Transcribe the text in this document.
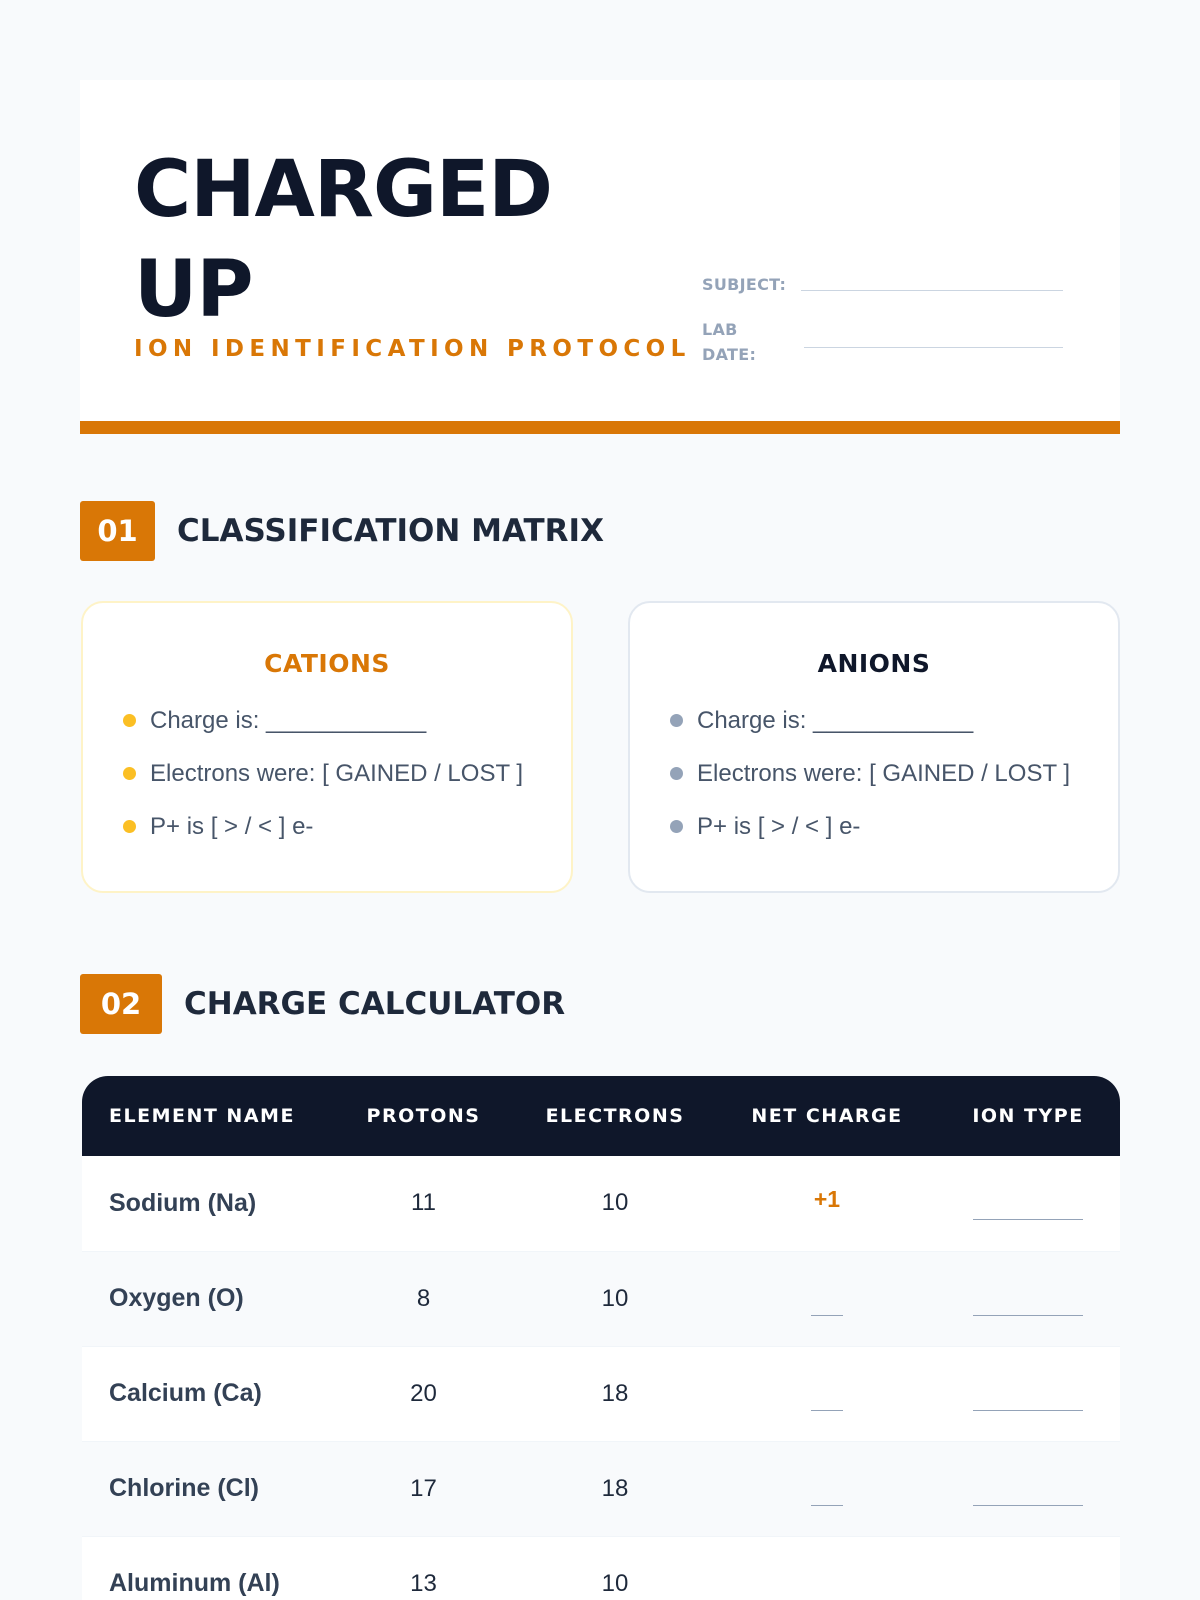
CHARGED UP
ION IDENTIFICATION PROTOCOL
SUBJECT:
LAB
DATE:
01	CLASSIFICATION MATRIX
CATIONS
Charge is: ____________
Electrons were: [ GAINED / LOST ]
P+ is [ > / < ] e-
ANIONS
Charge is: ____________
Electrons were: [ GAINED / LOST ]
P+ is [ > / < ] e-
02	CHARGE CALCULATOR
ELEMENT NAME	PROTONS	ELECTRONS	NET CHARGE	ION TYPE
Sodium (Na)	11	10	+1	
Oxygen (O)	8	10		
Calcium (Ca)	20	18		
Chlorine (Cl)	17	18		
Aluminum (Al)	13	10		
